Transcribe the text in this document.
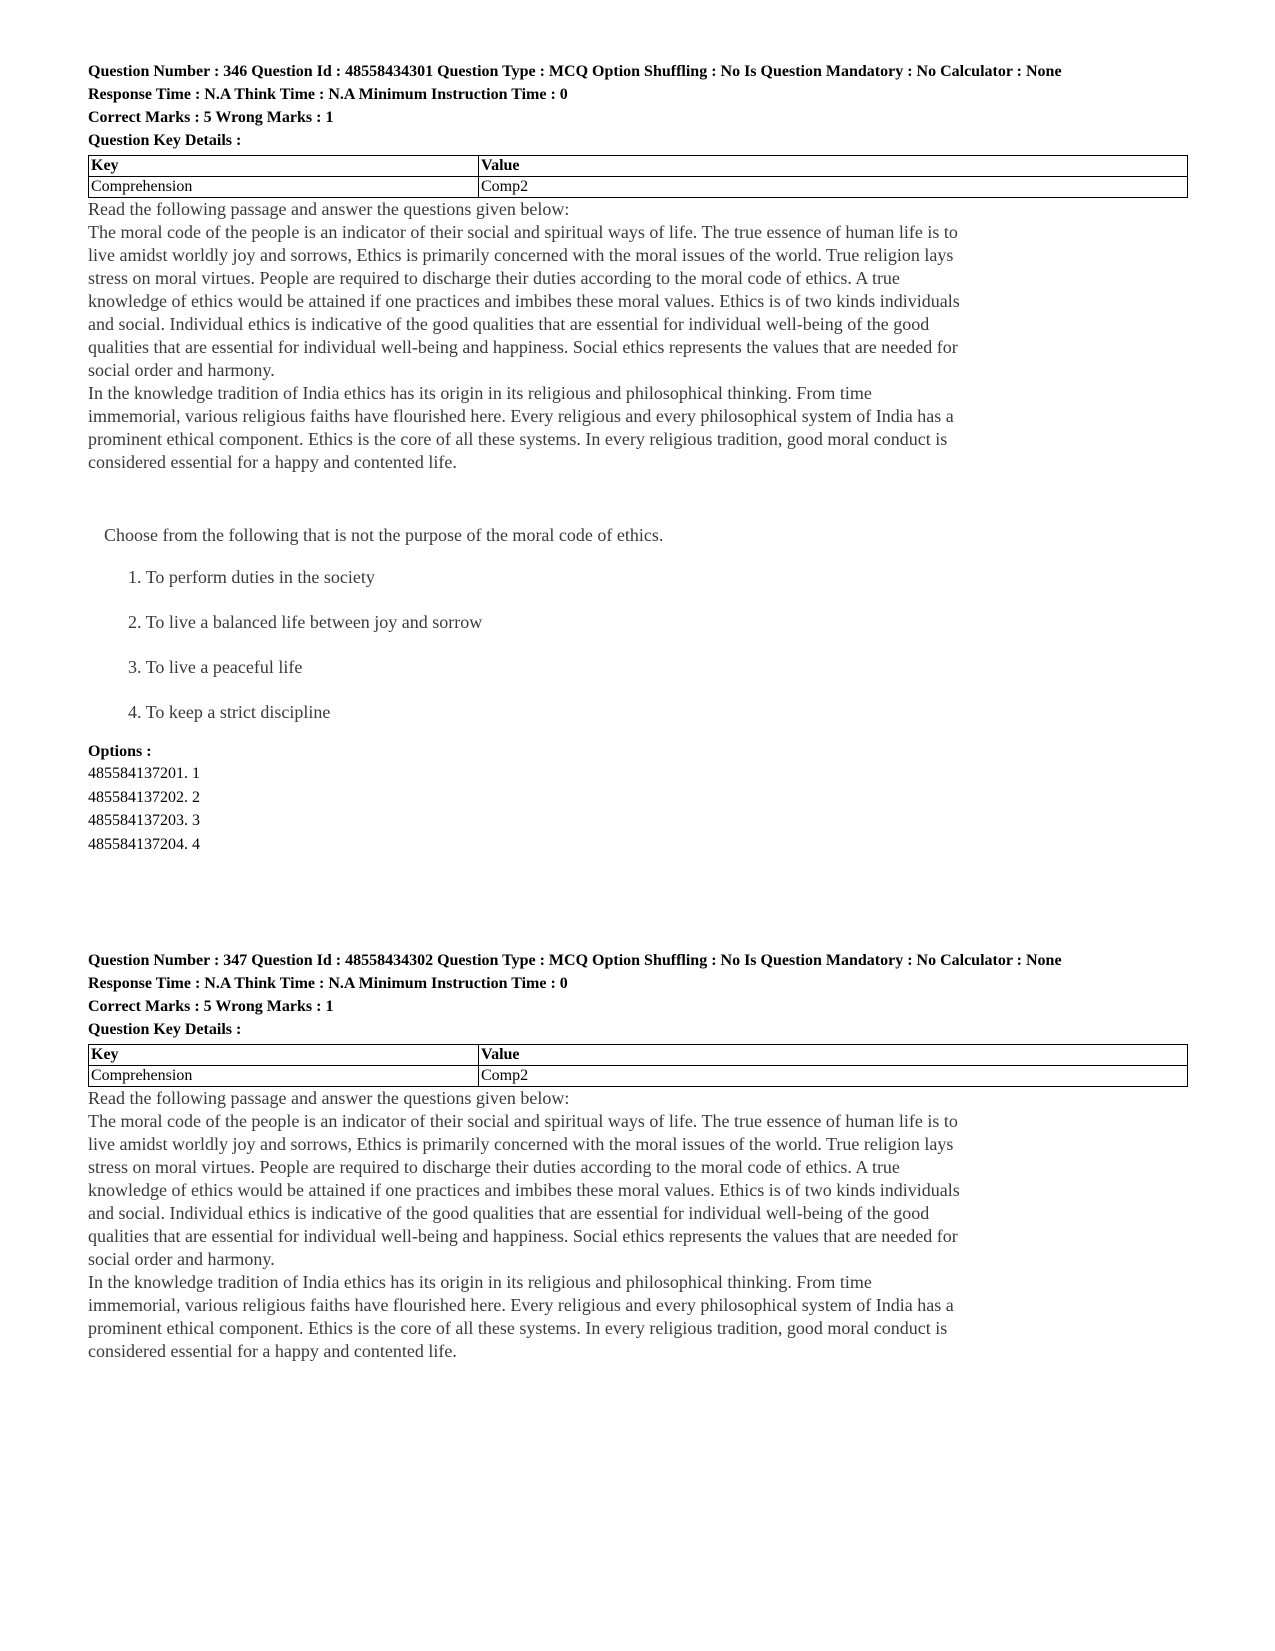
Question Number : 346 Question Id : 48558434301 Question Type : MCQ Option Shuffling : No Is Question Mandatory : No Calculator : None

Response Time : N.A Think Time : N.A Minimum Instruction Time : 0

Correct Marks : 5 Wrong Marks : 1

Question Key Details :

Key	Value
Comprehension	Comp2

Read the following passage and answer the questions given below:

The moral code of the people is an indicator of their social and spiritual ways of life. The true essence of human life is to live amidst worldly joy and sorrows, Ethics is primarily concerned with the moral issues of the world. True religion lays stress on moral virtues. People are required to discharge their duties according to the moral code of ethics. A true knowledge of ethics would be attained if one practices and imbibes these moral values. Ethics is of two kinds individuals and social. Individual ethics is indicative of the good qualities that are essential for individual well-being of the good qualities that are essential for individual well-being and happiness. Social ethics represents the values that are needed for social order and harmony.

In the knowledge tradition of India ethics has its origin in its religious and philosophical thinking. From time immemorial, various religious faiths have flourished here. Every religious and every philosophical system of India has a prominent ethical component. Ethics is the core of all these systems. In every religious tradition, good moral conduct is considered essential for a happy and contented life.

Choose from the following that is not the purpose of the moral code of ethics.

1. To perform duties in the society
2. To live a balanced life between joy and sorrow
3. To live a peaceful life
4. To keep a strict discipline

Options :

485584137201. 1

485584137202. 2

485584137203. 3

485584137204. 4

Question Number : 347 Question Id : 48558434302 Question Type : MCQ Option Shuffling : No Is Question Mandatory : No Calculator : None

Response Time : N.A Think Time : N.A Minimum Instruction Time : 0

Correct Marks : 5 Wrong Marks : 1

Question Key Details :

Key	Value
Comprehension	Comp2

Read the following passage and answer the questions given below:

The moral code of the people is an indicator of their social and spiritual ways of life. The true essence of human life is to live amidst worldly joy and sorrows, Ethics is primarily concerned with the moral issues of the world. True religion lays stress on moral virtues. People are required to discharge their duties according to the moral code of ethics. A true knowledge of ethics would be attained if one practices and imbibes these moral values. Ethics is of two kinds individuals and social. Individual ethics is indicative of the good qualities that are essential for individual well-being of the good qualities that are essential for individual well-being and happiness. Social ethics represents the values that are needed for social order and harmony.

In the knowledge tradition of India ethics has its origin in its religious and philosophical thinking. From time immemorial, various religious faiths have flourished here. Every religious and every philosophical system of India has a prominent ethical component. Ethics is the core of all these systems. In every religious tradition, good moral conduct is considered essential for a happy and contented life.
